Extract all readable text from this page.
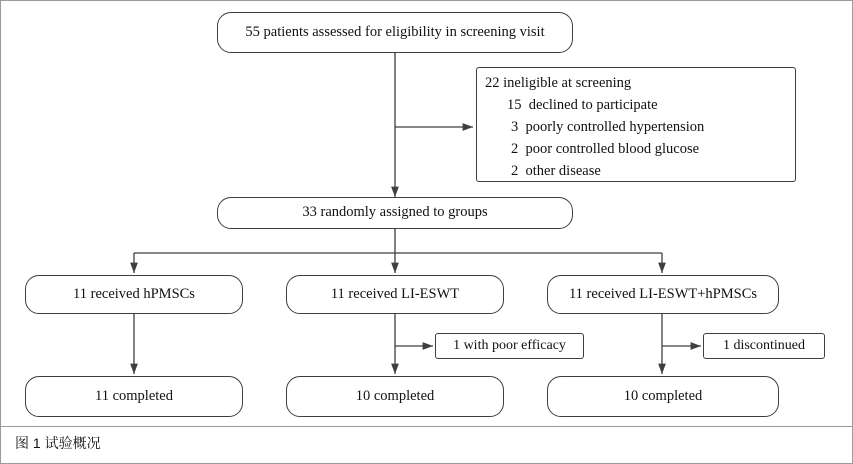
55 patients assessed for eligibility in screening visit
22 ineligible at screening
15  declined to participate
3  poorly controlled hypertension
2  poor controlled blood glucose
2  other disease
33 randomly assigned to groups
11 received hPMSCs	11 received LI-ESWT	11 received LI-ESWT+hPMSCs
1 with poor efficacy	1 discontinued
11 completed	10 completed	10 completed
图 1 试验概况
